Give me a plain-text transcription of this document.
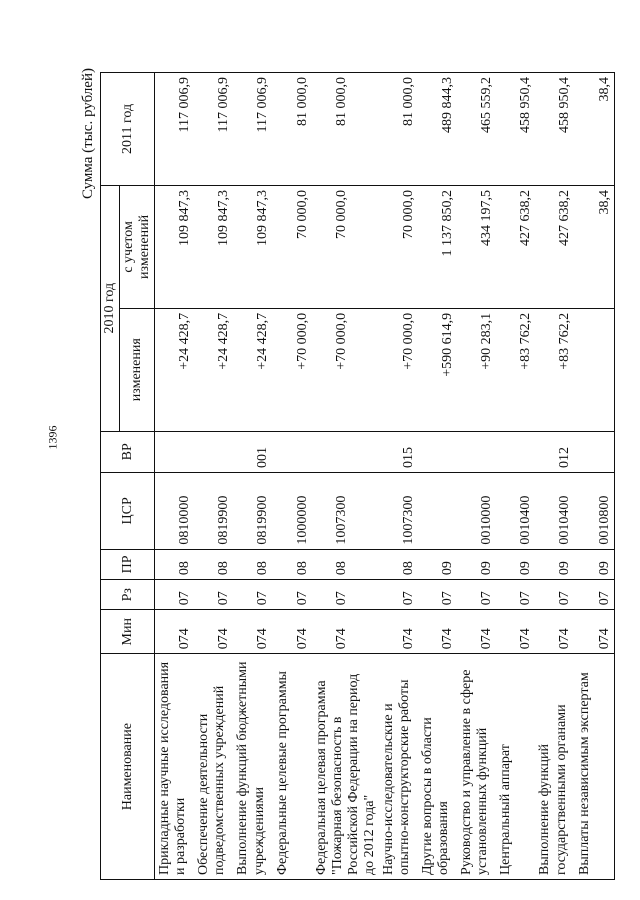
1396
Сумма (тыс. рублей)
Наименование	Мин	Рз	ПР	ЦСР	ВР	2010 год		2011 год
						изменения	с учетом изменений	
Прикладные научные исследования и разработки	074	07	08	0810000		+24 428,7	109 847,3	117 006,9
Обеспечение деятельности подведомственных учреждений	074	07	08	0819900		+24 428,7	109 847,3	117 006,9
Выполнение функций бюджетными учреждениями	074	07	08	0819900	001	+24 428,7	109 847,3	117 006,9
Федеральные целевые программы	074	07	08	1000000		+70 000,0	70 000,0	81 000,0
Федеральная целевая программа "Пожарная безопасность в Российской Федерации на период до 2012 года"	074	07	08	1007300		+70 000,0	70 000,0	81 000,0
Научно-исследовательские и опытно-конструкторские работы	074	07	08	1007300	015	+70 000,0	70 000,0	81 000,0
Другие вопросы в области образования	074	07	09			+590 614,9	1 137 850,2	489 844,3
Руководство и управление в сфере установленных функций	074	07	09	0010000		+90 283,1	434 197,5	465 559,2
Центральный аппарат	074	07	09	0010400		+83 762,2	427 638,2	458 950,4
Выполнение функций государственными органами	074	07	09	0010400	012	+83 762,2	427 638,2	458 950,4
Выплаты независимым экспертам	074	07	09	0010800			38,4	38,4
